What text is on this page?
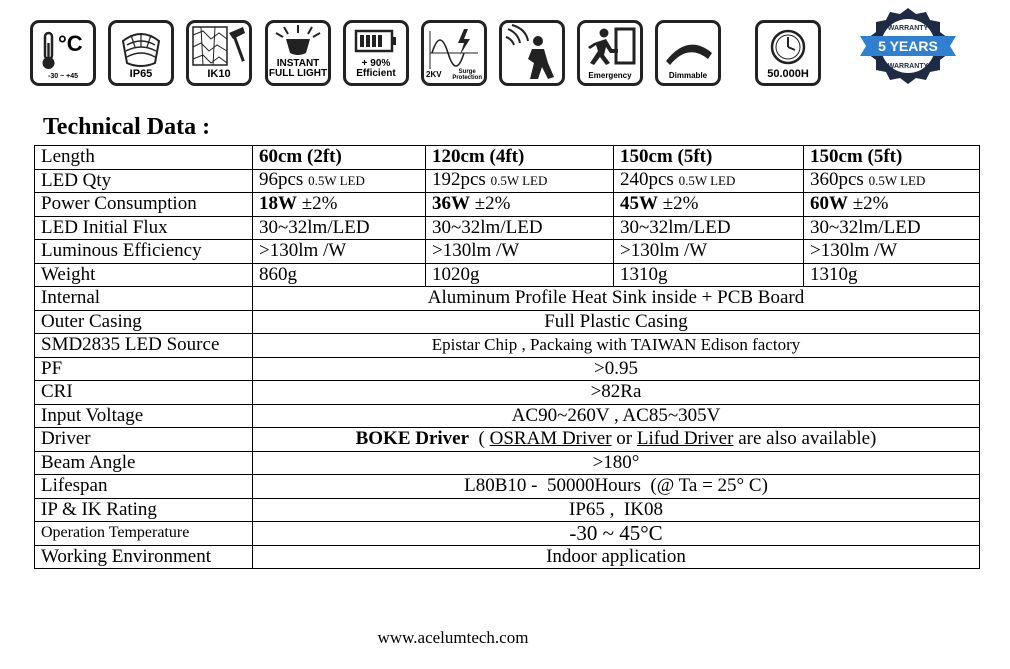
°C
-30 ~ +45	IP65	IK10
INSTANT
FULL LIGHT
+ 90%
Efficient	2KV	Surge
Protection	Emergency	Dimmable	50.000H
5 YEARS
WARRANTY
WARRANTY
Technical Data :
Length	60cm (2ft)	120cm (4ft)	150cm (5ft)	150cm (5ft)
LED Qty	96pcs 0.5W LED	192pcs 0.5W LED	240pcs 0.5W LED	360pcs 0.5W LED
Power Consumption	18W ±2%	36W ±2%	45W ±2%	60W ±2%
LED Initial Flux	30~32lm/LED	30~32lm/LED	30~32lm/LED	30~32lm/LED
Luminous Efficiency	>130lm /W	>130lm /W	>130lm /W	>130lm /W
Weight	860g	1020g	1310g	1310g
Internal	Aluminum Profile Heat Sink inside + PCB Board			
Outer Casing	Full Plastic Casing			
SMD2835 LED Source	Epistar Chip , Packaing with TAIWAN Edison factory			
PF	>0.95			
CRI	>82Ra			
Input Voltage	AC90~260V , AC85~305V			
Driver	BOKE Driver  ( OSRAM Driver or Lifud Driver are also available)			
Beam Angle	>180°			
Lifespan	L80B10 -  50000Hours  (@ Ta = 25° C)			
IP & IK Rating	IP65 ,  IK08			
Operation Temperature	-30 ~ 45°C			
Working Environment	Indoor application			
www.acelumtech.com
